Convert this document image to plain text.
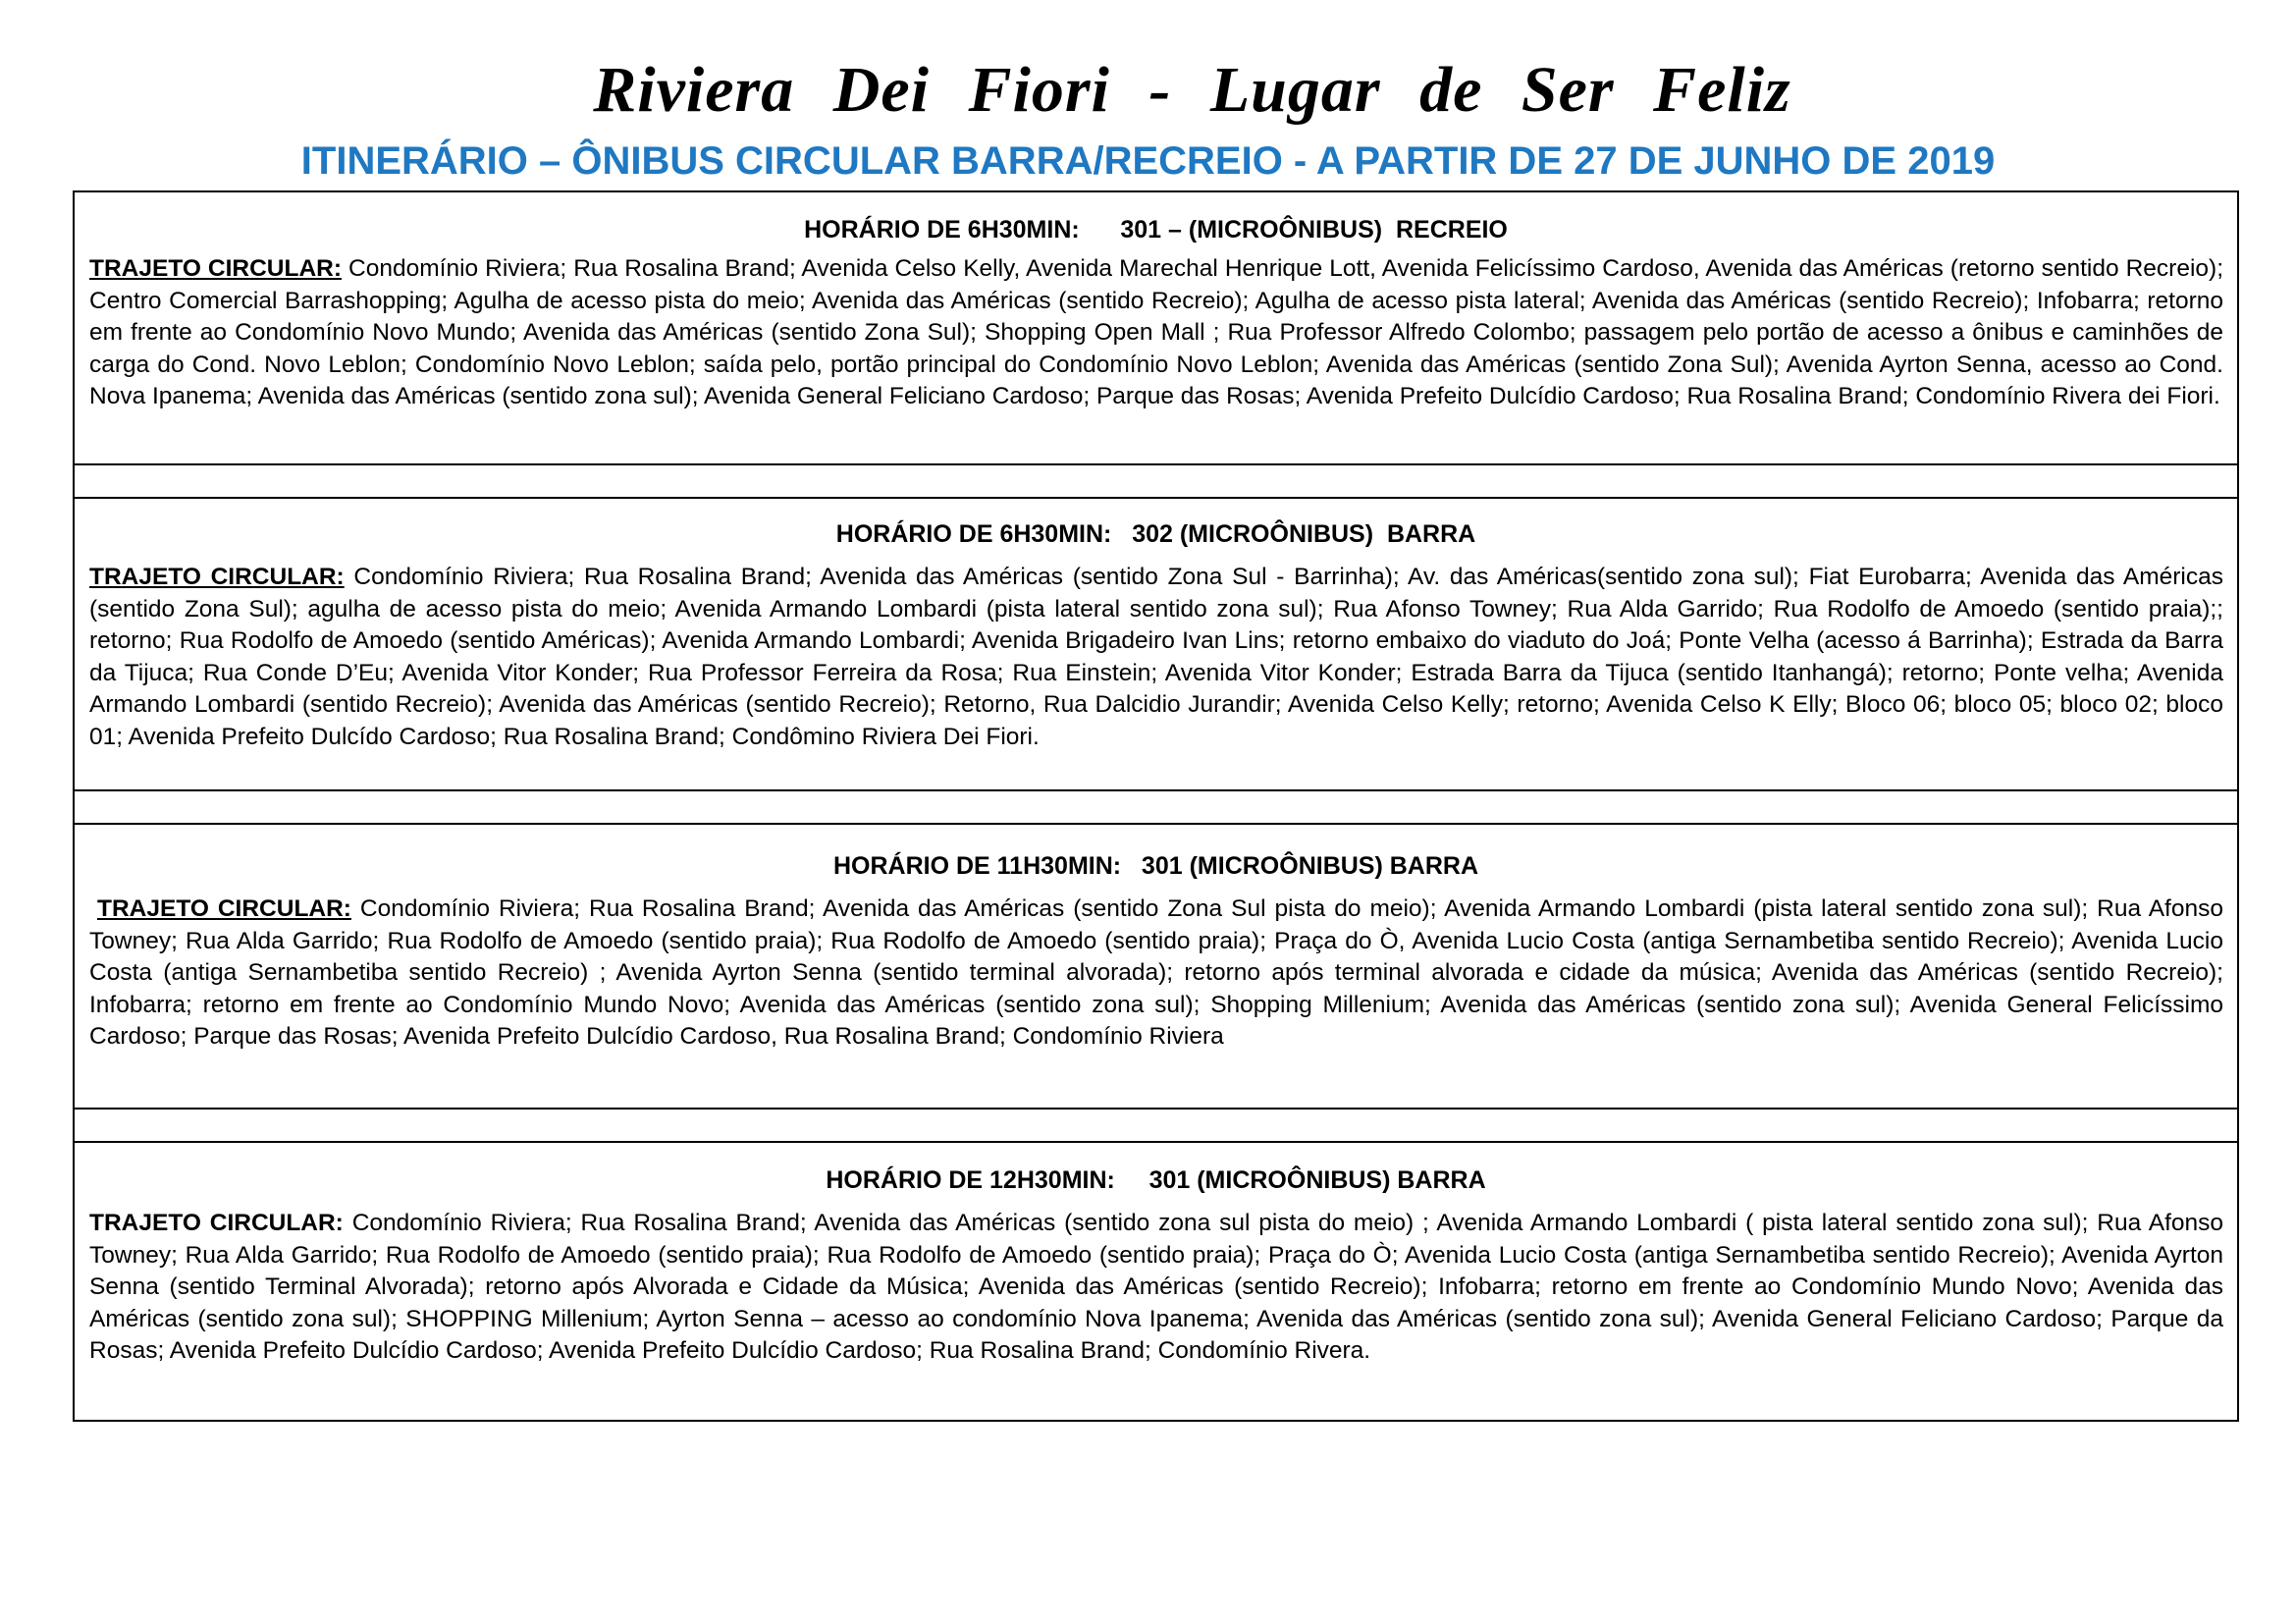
Riviera Dei Fiori - Lugar de Ser Feliz
ITINERÁRIO – ÔNIBUS CIRCULAR BARRA/RECREIO - A PARTIR DE 27 DE JUNHO DE 2019
HORÁRIO DE 6H30MIN:      301 – (MICROÔNIBUS)  RECREIO

TRAJETO CIRCULAR: Condomínio Riviera; Rua Rosalina Brand; Avenida Celso Kelly, Avenida Marechal Henrique Lott, Avenida Felicíssimo Cardoso, Avenida das Américas (retorno sentido Recreio); Centro Comercial Barrashopping; Agulha de acesso pista do meio; Avenida das Américas (sentido Recreio); Agulha de acesso pista lateral; Avenida das Américas (sentido Recreio); Infobarra; retorno em frente ao Condomínio Novo Mundo; Avenida das Américas (sentido Zona Sul); Shopping Open Mall ; Rua Professor Alfredo Colombo; passagem pelo portão de acesso a ônibus e caminhões de carga do Cond. Novo Leblon; Condomínio Novo Leblon; saída pelo, portão principal do Condomínio Novo Leblon; Avenida das Américas (sentido Zona Sul); Avenida Ayrton Senna, acesso ao Cond. Nova Ipanema; Avenida das Américas (sentido zona sul); Avenida General Feliciano Cardoso; Parque das Rosas; Avenida Prefeito Dulcídio Cardoso; Rua Rosalina Brand; Condomínio Rivera dei Fiori.

HORÁRIO DE 6H30MIN:   302 (MICROÔNIBUS)  BARRA

TRAJETO CIRCULAR: Condomínio Riviera; Rua Rosalina Brand; Avenida das Américas (sentido Zona Sul - Barrinha); Av. das Américas(sentido zona sul); Fiat Eurobarra; Avenida das Américas (sentido Zona Sul); agulha de acesso pista do meio; Avenida Armando Lombardi (pista lateral sentido zona sul); Rua Afonso Towney; Rua Alda Garrido; Rua Rodolfo de Amoedo (sentido praia);; retorno; Rua Rodolfo de Amoedo (sentido Américas); Avenida Armando Lombardi; Avenida Brigadeiro Ivan Lins; retorno embaixo do viaduto do Joá; Ponte Velha (acesso á Barrinha); Estrada da Barra da Tijuca; Rua Conde D’Eu; Avenida Vitor Konder; Rua Professor Ferreira da Rosa; Rua Einstein; Avenida Vitor Konder; Estrada Barra da Tijuca (sentido Itanhangá); retorno; Ponte velha; Avenida Armando Lombardi (sentido Recreio); Avenida das Américas (sentido Recreio); Retorno, Rua Dalcidio Jurandir; Avenida Celso Kelly; retorno; Avenida Celso K Elly; Bloco 06; bloco 05; bloco 02; bloco 01; Avenida Prefeito Dulcído Cardoso; Rua Rosalina Brand; Condômino Riviera Dei Fiori.

HORÁRIO DE 11H30MIN:   301 (MICROÔNIBUS) BARRA

TRAJETO CIRCULAR: Condomínio Riviera; Rua Rosalina Brand; Avenida das Américas (sentido Zona Sul pista do meio); Avenida Armando Lombardi (pista lateral sentido zona sul); Rua Afonso Towney; Rua Alda Garrido; Rua Rodolfo de Amoedo (sentido praia); Rua Rodolfo de Amoedo (sentido praia); Praça do Ò, Avenida Lucio Costa (antiga Sernambetiba sentido Recreio); Avenida Lucio Costa (antiga Sernambetiba sentido Recreio) ; Avenida Ayrton Senna (sentido terminal alvorada); retorno após terminal alvorada e cidade da música; Avenida das Américas (sentido Recreio); Infobarra; retorno em frente ao Condomínio Mundo Novo; Avenida das Américas (sentido zona sul); Shopping Millenium; Avenida das Américas (sentido zona sul); Avenida General Felicíssimo Cardoso; Parque das Rosas; Avenida Prefeito Dulcídio Cardoso, Rua Rosalina Brand; Condomínio Riviera

HORÁRIO DE 12H30MIN:     301 (MICROÔNIBUS) BARRA

TRAJETO CIRCULAR: Condomínio Riviera; Rua Rosalina Brand; Avenida das Américas (sentido zona sul pista do meio) ; Avenida Armando Lombardi ( pista lateral sentido zona sul); Rua Afonso Towney; Rua Alda Garrido; Rua Rodolfo de Amoedo (sentido praia); Rua Rodolfo de Amoedo (sentido praia); Praça do Ò; Avenida Lucio Costa (antiga Sernambetiba sentido Recreio); Avenida Ayrton Senna (sentido Terminal Alvorada); retorno após Alvorada e Cidade da Música; Avenida das Américas (sentido Recreio); Infobarra; retorno em frente ao Condomínio Mundo Novo; Avenida das Américas (sentido zona sul); SHOPPING Millenium; Ayrton Senna – acesso ao condomínio Nova Ipanema; Avenida das Américas (sentido zona sul); Avenida General Feliciano Cardoso; Parque da Rosas; Avenida Prefeito Dulcídio Cardoso; Avenida Prefeito Dulcídio Cardoso; Rua Rosalina Brand; Condomínio Rivera.
